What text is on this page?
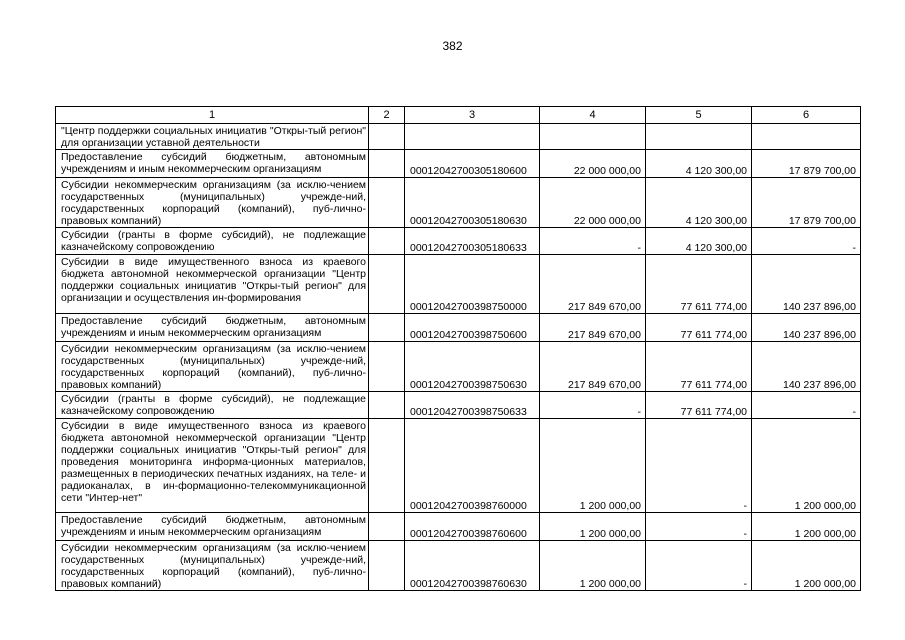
382
1	2	3	4	5	6
"Центр поддержки социальных инициатив "Откры-тый регион" для организации уставной деятельности					
Предоставление субсидий бюджетным, автономным учреждениям и иным некоммерческим организациям		00012042700305180600	22 000 000,00	4 120 300,00	17 879 700,00
Субсидии некоммерческим организациям (за исклю-чением государственных (муниципальных) учрежде-ний, государственных корпораций (компаний), пуб-лично-правовых компаний)		00012042700305180630	22 000 000,00	4 120 300,00	17 879 700,00
Субсидии (гранты в форме субсидий), не подлежащие казначейскому сопровождению		00012042700305180633	-	4 120 300,00	-
Субсидии в виде имущественного взноса из краевого бюджета автономной некоммерческой организации "Центр поддержки социальных инициатив "Откры-тый регион" для организации и осуществления ин-формирования		00012042700398750000	217 849 670,00	77 611 774,00	140 237 896,00
Предоставление субсидий бюджетным, автономным учреждениям и иным некоммерческим организациям		00012042700398750600	217 849 670,00	77 611 774,00	140 237 896,00
Субсидии некоммерческим организациям (за исклю-чением государственных (муниципальных) учрежде-ний, государственных корпораций (компаний), пуб-лично-правовых компаний)		00012042700398750630	217 849 670,00	77 611 774,00	140 237 896,00
Субсидии (гранты в форме субсидий), не подлежащие казначейскому сопровождению		00012042700398750633	-	77 611 774,00	-
Субсидии в виде имущественного взноса из краевого бюджета автономной некоммерческой организации "Центр поддержки социальных инициатив "Откры-тый регион" для проведения мониторинга информа-ционных материалов, размещенных в периодических печатных изданиях, на теле- и радиоканалах, в ин-формационно-телекоммуникационной сети "Интер-нет"		00012042700398760000	1 200 000,00	-	1 200 000,00
Предоставление субсидий бюджетным, автономным учреждениям и иным некоммерческим организациям		00012042700398760600	1 200 000,00	-	1 200 000,00
Субсидии некоммерческим организациям (за исклю-чением государственных (муниципальных) учрежде-ний, государственных корпораций (компаний), пуб-лично-правовых компаний)		00012042700398760630	1 200 000,00	-	1 200 000,00
